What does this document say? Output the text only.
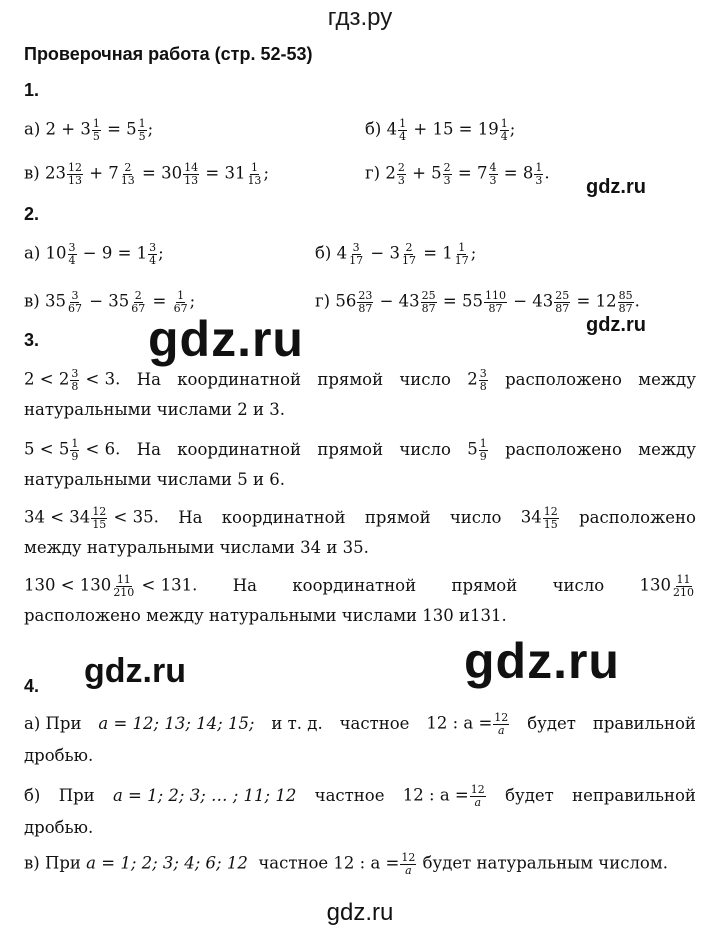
гдз.ру
Проверочная работа (стр. 52-53)
1.
а) $2 + 3 \frac{1}{5} = 5 \frac{1}{5}$ ;	б) $4 \frac{1}{4} + 15 = 19 \frac{1}{4}$ ;
в) $23 \frac{12}{13} + 7 \frac{2}{13} = 30 \frac{14}{13} = 31 \frac{1}{13}$ ;	г) $2 \frac{2}{3} + 5 \frac{2}{3} = 7 \frac{4}{3} = 8 \frac{1}{3}$ .
gdz.ru
2.
а) $10 \frac{3}{4} - 9 = 1 \frac{3}{4}$ ;	б) $4 \frac{3}{17} - 3 \frac{2}{17} = 1 \frac{1}{17}$ ;
в) $35 \frac{3}{67} - 35 \frac{2}{67} = \frac{1}{67}$ ;	г) $56 \frac{23}{87} - 43 \frac{25}{87} = 55 \frac{110}{87} - 43 \frac{25}{87} = 12 \frac{85}{87}$ .
gdz.ru
3. gdz.ru
$2 < 2 \frac{3}{8} < 3$. На координатной прямой число $2 \frac{3}{8}$ расположено между
натуральными числами 2 и 3.
$5 < 5 \frac{1}{9} < 6$. На координатной прямой число $5 \frac{1}{9}$ расположено между
натуральными числами 5 и 6.
$34 < 34 \frac{12}{15} < 35$. На координатной прямой число $34 \frac{12}{15}$ расположено
между натуральными числами 34 и 35.
$130 < 130 \frac{11}{210} < 131$. На координатной прямой число $130 \frac{11}{210}$
расположено между натуральными числами 130 и131.
gdz.ru	gdz.ru
4.
а) При a = 12; 13; 14; 15; и т. д. частное 12 : $a = \frac{12}{a}$ будет правильной
дробью.
б) При a = 1; 2; 3; … ; 11; 12 частное 12 : $a = \frac{12}{a}$ будет неправильной
дробью.
в) При a = 1; 2; 3; 4; 6; 12 частное 12 : $a = \frac{12}{a}$ будет натуральным числом.
gdz.ru
